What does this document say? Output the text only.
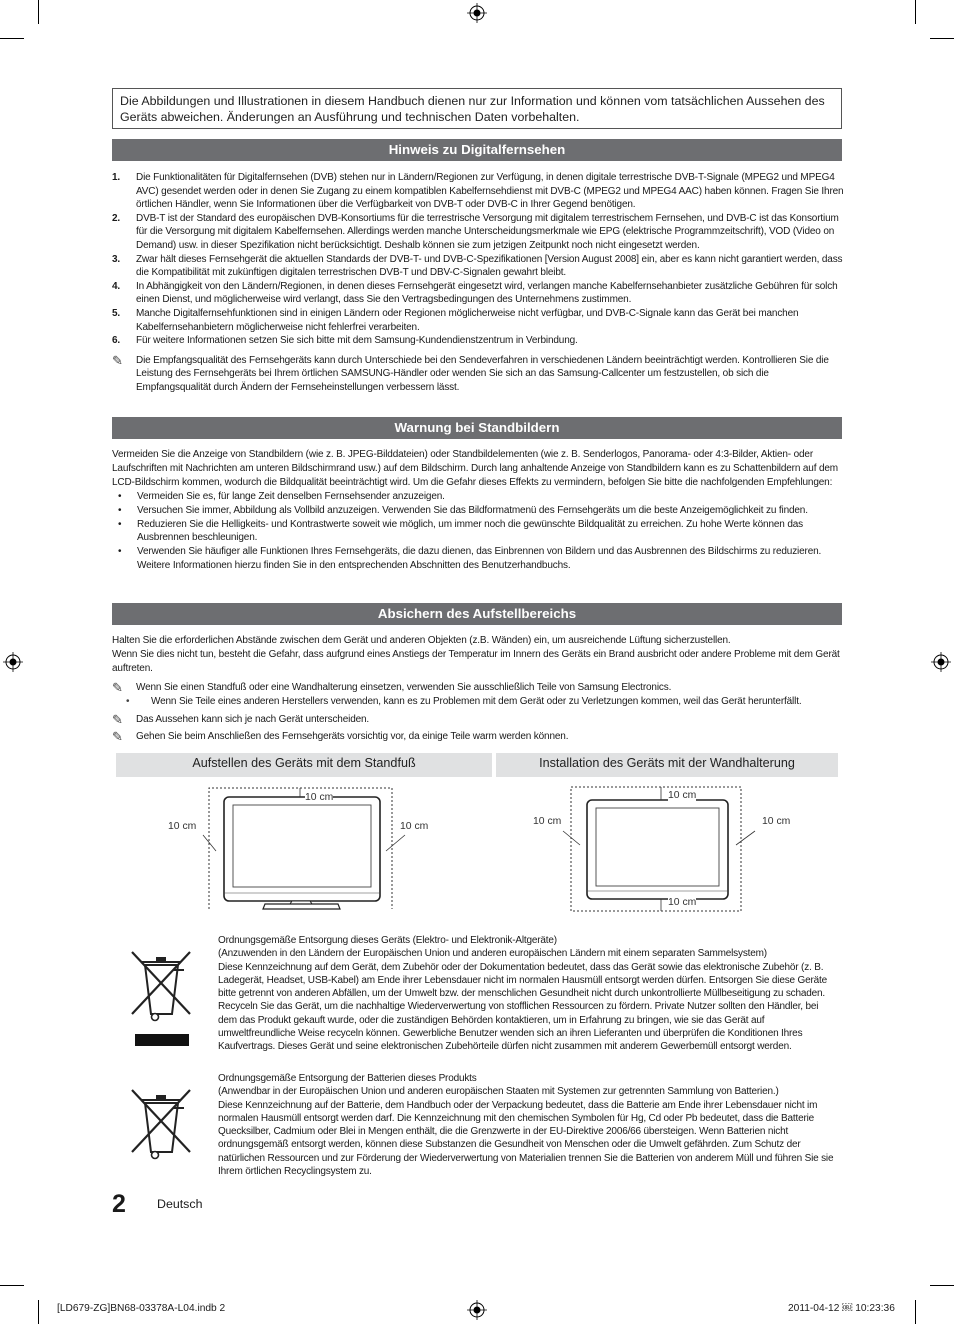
Die Abbildungen und Illustrationen in diesem Handbuch dienen nur zur Information und können vom tatsächlichen Aussehen des Geräts abweichen. Änderungen an Ausführung und technischen Daten vorbehalten.
Hinweis zu Digitalfernsehen
1.	Die Funktionalitäten für Digitalfernsehen (DVB) stehen nur in Ländern/Regionen zur Verfügung, in denen digitale terrestrische DVB-T-Signale (MPEG2 und MPEG4 AVC) gesendet werden oder in denen Sie Zugang zu einem kompatiblen Kabelfernsehdienst mit DVB-C (MPEG2 und MPEG4 AAC) haben können. Fragen Sie Ihren örtlichen Händler, wenn Sie Informationen über die Verfügbarkeit von DVB-T oder DVB-C in Ihrer Gegend benötigen.
2.	DVB-T ist der Standard des europäischen DVB-Konsortiums für die terrestrische Versorgung mit digitalem terrestrischem Fernsehen, und DVB-C ist das Konsortium für die Versorgung mit digitalem Kabelfernsehen. Allerdings werden manche Unterscheidungsmerkmale wie EPG (elektrische Programmzeitschrift), VOD (Video on Demand) usw. in dieser Spezifikation nicht berücksichtigt. Deshalb können sie zum jetzigen Zeitpunkt noch nicht eingesetzt werden.
3.	Zwar hält dieses Fernsehgerät die aktuellen Standards der DVB-T- und DVB-C-Spezifikationen [Version August 2008] ein, aber es kann nicht garantiert werden, dass die Kompatibilität mit zukünftigen digitalen terrestrischen DVB-T und DBV-C-Signalen gewahrt bleibt.
4.	In Abhängigkeit von den Ländern/Regionen, in denen dieses Fernsehgerät eingesetzt wird, verlangen manche Kabelfernsehanbieter zusätzliche Gebühren für solch einen Dienst, und möglicherweise wird verlangt, dass Sie den Vertragsbedingungen des Unternehmens zustimmen.
5.	Manche Digitalfernsehfunktionen sind in einigen Ländern oder Regionen möglicherweise nicht verfügbar, und DVB-C-Signale kann das Gerät bei manchen Kabelfernsehanbietern möglicherweise nicht fehlerfrei verarbeiten.
6.	Für weitere Informationen setzen Sie sich bitte mit dem Samsung-Kundendienstzentrum in Verbindung.
✎	Die Empfangsqualität des Fernsehgeräts kann durch Unterschiede bei den Sendeverfahren in verschiedenen Ländern beeinträchtigt werden. Kontrollieren Sie die Leistung des Fernsehgeräts bei Ihrem örtlichen SAMSUNG-Händler oder wenden Sie sich an das Samsung-Callcenter um festzustellen, ob sich die Empfangsqualität durch Ändern der Fernseheinstellungen verbessern lässt.
Warnung bei Standbildern
Vermeiden Sie die Anzeige von Standbildern (wie z. B. JPEG-Bilddateien) oder Standbildelementen (wie z. B. Senderlogos, Panorama- oder 4:3-Bilder, Aktien- oder Laufschriften mit Nachrichten am unteren Bildschirmrand usw.) auf dem Bildschirm. Durch lang anhaltende Anzeige von Standbildern kann es zu Schattenbildern auf dem LCD-Bildschirm kommen, wodurch die Bildqualität beeinträchtigt wird. Um die Gefahr dieses Effekts zu vermindern, befolgen Sie bitte die nachfolgenden Empfehlungen:
•	Vermeiden Sie es, für lange Zeit denselben Fernsehsender anzuzeigen.
•	Versuchen Sie immer, Abbildung als Vollbild anzuzeigen. Verwenden Sie das Bildformatmenü des Fernsehgeräts um die beste Anzeigemöglichkeit zu finden.
•	Reduzieren Sie die Helligkeits- und Kontrastwerte soweit wie möglich, um immer noch die gewünschte Bildqualität zu erreichen. Zu hohe Werte können das Ausbrennen beschleunigen.
•	Verwenden Sie häufiger alle Funktionen Ihres Fernsehgeräts, die dazu dienen, das Einbrennen von Bildern und das Ausbrennen des Bildschirms zu reduzieren. Weitere Informationen hierzu finden Sie in den entsprechenden Abschnitten des Benutzerhandbuchs.
Absichern des Aufstellbereichs
Halten Sie die erforderlichen Abstände zwischen dem Gerät und anderen Objekten (z.B. Wänden) ein, um ausreichende Lüftung sicherzustellen.
Wenn Sie dies nicht tun, besteht die Gefahr, dass aufgrund eines Anstiegs der Temperatur im Innern des Geräts ein Brand ausbricht oder andere Probleme mit dem Gerät auftreten.
✎	Wenn Sie einen Standfuß oder eine Wandhalterung einsetzen, verwenden Sie ausschließlich Teile von Samsung Electronics.
•	Wenn Sie Teile eines anderen Herstellers verwenden, kann es zu Problemen mit dem Gerät oder zu Verletzungen kommen, weil das Gerät herunterfällt.
✎	Das Aussehen kann sich je nach Gerät unterscheiden.
✎	Gehen Sie beim Anschließen des Fernsehgeräts vorsichtig vor, da einige Teile warm werden können.
Aufstellen des Geräts mit dem Standfuß	Installation des Geräts mit der Wandhalterung
10 cm
10 cm	10 cm
10 cm
10 cm	10 cm
10 cm
Ordnungsgemäße Entsorgung dieses Geräts (Elektro- und Elektronik-Altgeräte)
(Anzuwenden in den Ländern der Europäischen Union und anderen europäischen Ländern mit einem separaten Sammelsystem)
Diese Kennzeichnung auf dem Gerät, dem Zubehör oder der Dokumentation bedeutet, dass das Gerät sowie das elektronische Zubehör (z. B. Ladegerät, Headset, USB-Kabel) am Ende ihrer Lebensdauer nicht im normalen Hausmüll entsorgt werden dürfen. Entsorgen Sie diese Geräte bitte getrennt von anderen Abfällen, um der Umwelt bzw. der menschlichen Gesundheit nicht durch unkontrollierte Müllbeseitigung zu schaden. Recyceln Sie das Gerät, um die nachhaltige Wiederverwertung von stofflichen Ressourcen zu fördern. Private Nutzer sollten den Händler, bei dem das Produkt gekauft wurde, oder die zuständigen Behörden kontaktieren, um in Erfahrung zu bringen, wie sie das Gerät auf umweltfreundliche Weise recyceln können. Gewerbliche Benutzer wenden sich an ihren Lieferanten und überprüfen die Konditionen Ihres Kaufvertrags. Dieses Gerät und seine elektronischen Zubehörteile dürfen nicht zusammen mit anderem Gewerbemüll entsorgt werden.
Ordnungsgemäße Entsorgung der Batterien dieses Produkts
(Anwendbar in der Europäischen Union und anderen europäischen Staaten mit Systemen zur getrennten Sammlung von Batterien.)
Diese Kennzeichnung auf der Batterie, dem Handbuch oder der Verpackung bedeutet, dass die Batterie am Ende ihrer Lebensdauer nicht im normalen Hausmüll entsorgt werden darf. Die Kennzeichnung mit den chemischen Symbolen für Hg, Cd oder Pb bedeutet, dass die Batterie Quecksilber, Cadmium oder Blei in Mengen enthält, die die Grenzwerte in der EU-Direktive 2006/66 übersteigen. Wenn Batterien nicht ordnungsgemäß entsorgt werden, können diese Substanzen die Gesundheit von Menschen oder die Umwelt gefährden. Zum Schutz der natürlichen Ressourcen und zur Förderung der Wiederverwertung von Materialien trennen Sie die Batterien von anderem Müll und führen Sie sie Ihrem örtlichen Recyclingsystem zu.
2	Deutsch
[LD679-ZG]BN68-03378A-L04.indb 2	2011-04-12 ￼ 10:23:36
